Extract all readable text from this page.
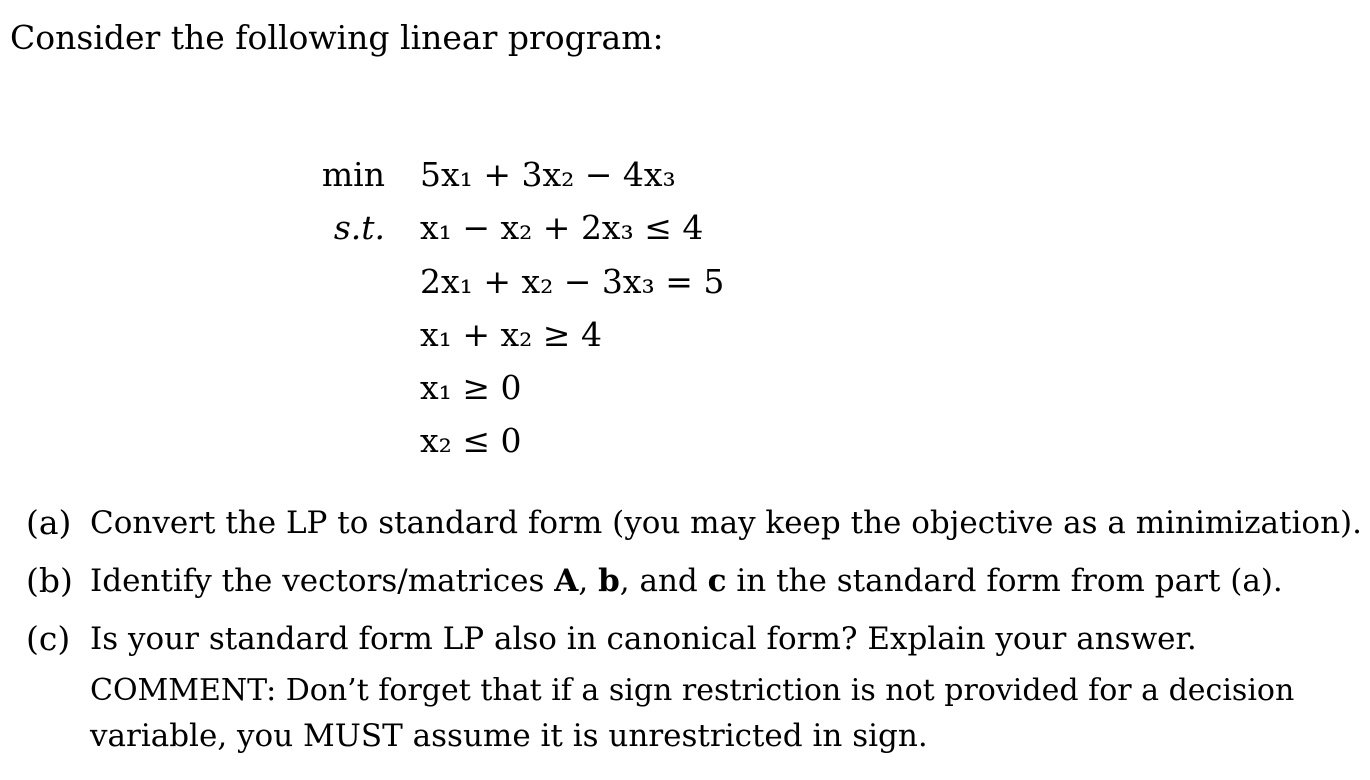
Consider the following linear program:
min 5x₁ + 3x₂ − 4x₃
s.t. x₁ − x₂ + 2x₃ ≤ 4
2x₁ + x₂ − 3x₃ = 5
x₁ + x₂ ≥ 4
x₁ ≥ 0
x₂ ≤ 0
(a) Convert the LP to standard form (you may keep the objective as a minimization).
(b) Identify the vectors/matrices A, b, and c in the standard form from part (a).
(c) Is your standard form LP also in canonical form? Explain your answer.
COMMENT: Don’t forget that if a sign restriction is not provided for a decision
variable, you MUST assume it is unrestricted in sign.
